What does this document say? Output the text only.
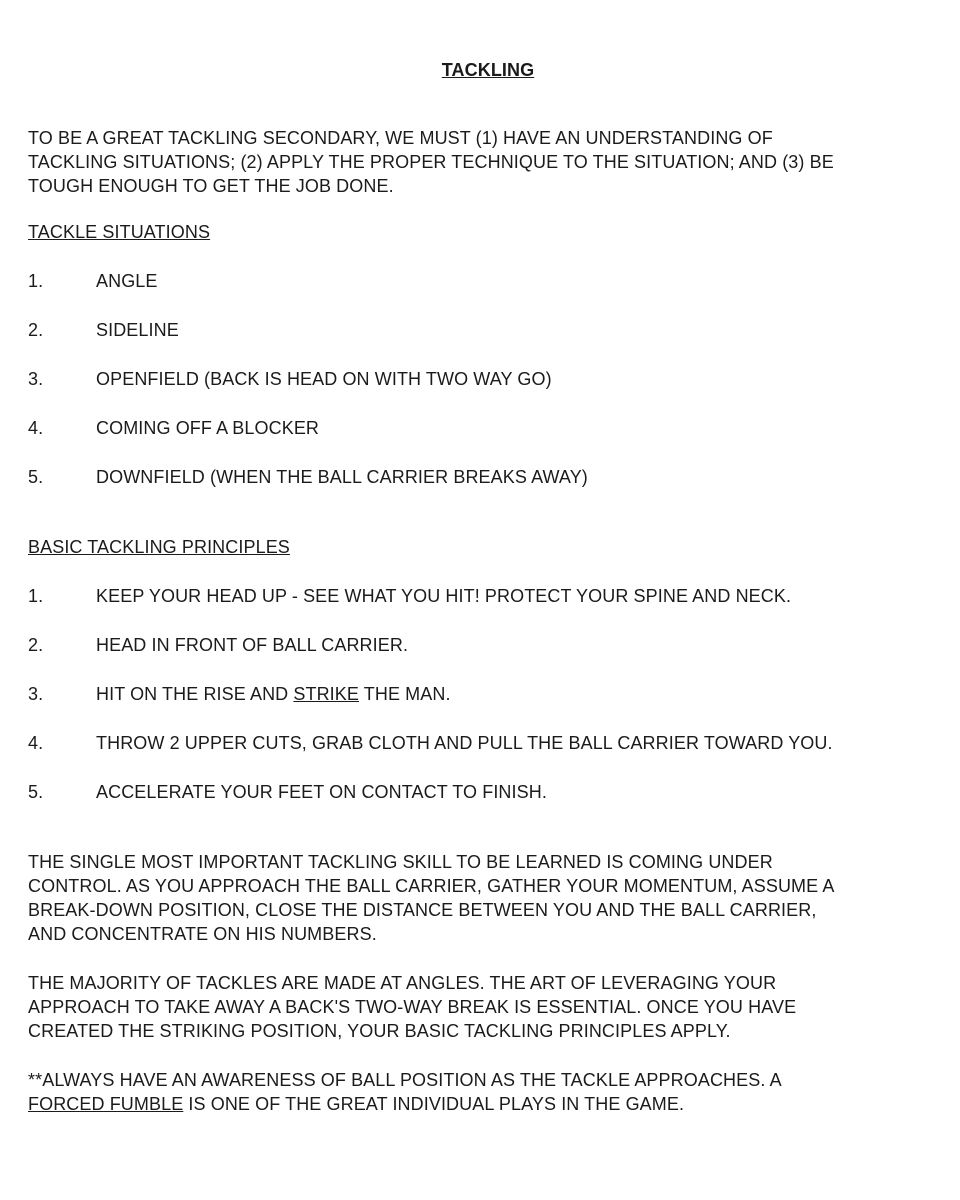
TACKLING
TO BE A GREAT TACKLING SECONDARY, WE MUST (1) HAVE AN UNDERSTANDING OF
TACKLING SITUATIONS; (2) APPLY THE PROPER TECHNIQUE TO THE SITUATION; AND (3) BE
TOUGH ENOUGH TO GET THE JOB DONE.
TACKLE SITUATIONS
1.	ANGLE
2.	SIDELINE
3.	OPENFIELD (BACK IS HEAD ON WITH TWO WAY GO)
4.	COMING OFF A BLOCKER
5.	DOWNFIELD (WHEN THE BALL CARRIER BREAKS AWAY)
BASIC TACKLING PRINCIPLES
1.	KEEP YOUR HEAD UP - SEE WHAT YOU HIT! PROTECT YOUR SPINE AND NECK.
2.	HEAD IN FRONT OF BALL CARRIER.
3.	HIT ON THE RISE AND STRIKE THE MAN.
4.	THROW 2 UPPER CUTS, GRAB CLOTH AND PULL THE BALL CARRIER TOWARD YOU.
5.	ACCELERATE YOUR FEET ON CONTACT TO FINISH.
THE SINGLE MOST IMPORTANT TACKLING SKILL TO BE LEARNED IS COMING UNDER
CONTROL. AS YOU APPROACH THE BALL CARRIER, GATHER YOUR MOMENTUM, ASSUME A
BREAK-DOWN POSITION, CLOSE THE DISTANCE BETWEEN YOU AND THE BALL CARRIER,
AND CONCENTRATE ON HIS NUMBERS.
THE MAJORITY OF TACKLES ARE MADE AT ANGLES. THE ART OF LEVERAGING YOUR
APPROACH TO TAKE AWAY A BACK'S TWO-WAY BREAK IS ESSENTIAL. ONCE YOU HAVE
CREATED THE STRIKING POSITION, YOUR BASIC TACKLING PRINCIPLES APPLY.
**ALWAYS HAVE AN AWARENESS OF BALL POSITION AS THE TACKLE APPROACHES. A
FORCED FUMBLE IS ONE OF THE GREAT INDIVIDUAL PLAYS IN THE GAME.
